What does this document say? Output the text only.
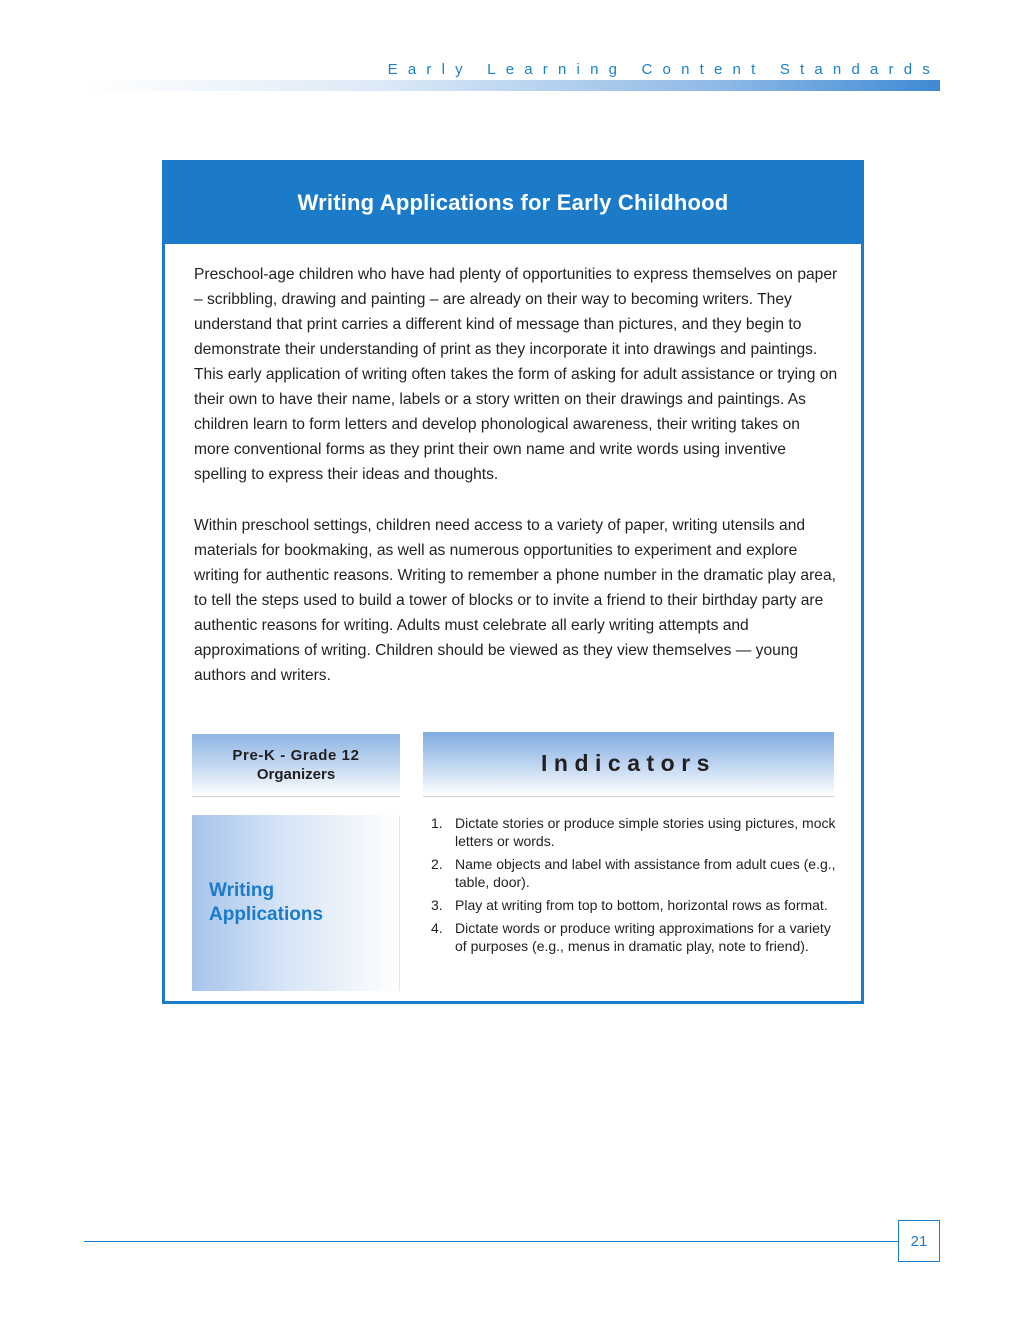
Early Learning Content Standards
Writing Applications for Early Childhood

Preschool-age children who have had plenty of opportunities to express themselves on paper – scribbling, drawing and painting – are already on their way to becoming writers. They understand that print carries a different kind of message than pictures, and they begin to demonstrate their understanding of print as they incorporate it into drawings and paintings. This early application of writing often takes the form of asking for adult assistance or trying on their own to have their name, labels or a story written on their drawings and paintings. As children learn to form letters and develop phonological awareness, their writing takes on more conventional forms as they print their own name and write words using inventive spelling to express their ideas and thoughts.

Within preschool settings, children need access to a variety of paper, writing utensils and materials for bookmaking, as well as numerous opportunities to experiment and explore writing for authentic reasons. Writing to remember a phone number in the dramatic play area, to tell the steps used to build a tower of blocks or to invite a friend to their birthday party are authentic reasons for writing. Adults must celebrate all early writing attempts and approximations of writing. Children should be viewed as they view themselves — young authors and writers.

Pre-K - Grade 12
Organizers	Indicators
Writing
Applications
1. Dictate stories or produce simple stories using pictures, mock letters or words.
2. Name objects and label with assistance from adult cues (e.g., table, door).
3. Play at writing from top to bottom, horizontal rows as format.
4. Dictate words or produce writing approximations for a variety of purposes (e.g., menus in dramatic play, note to friend).
21
